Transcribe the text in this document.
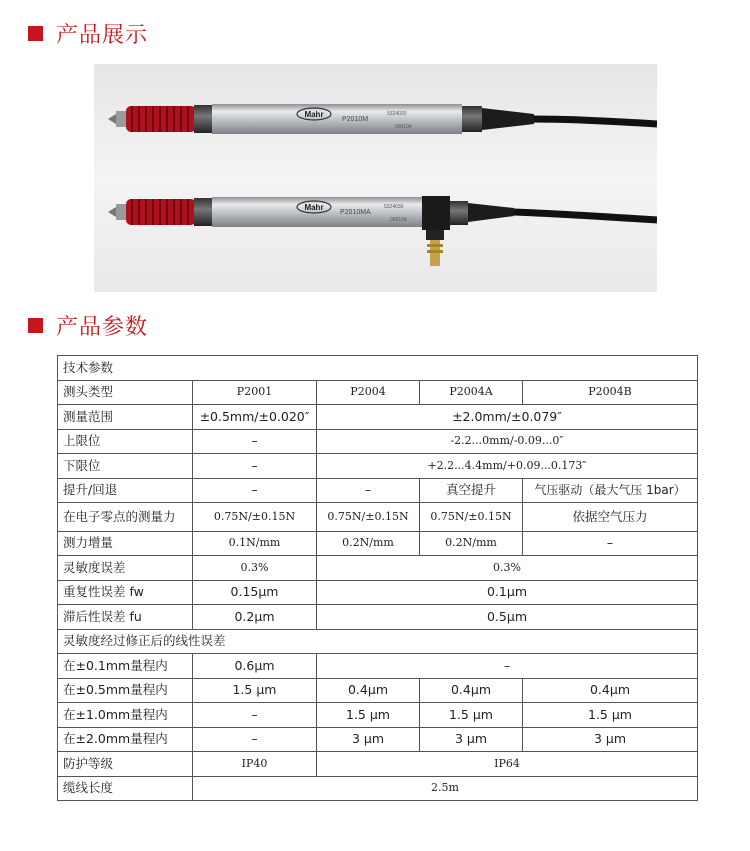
产品展示
Mahr
P2010M
5324020
000104
Mahr
P2010MA
5324030
000104
产品参数
技术参数				
测头类型	P2001	P2004	P2004A	P2004B
测量范围	±0.5mm/±0.020″	±2.0mm/±0.079″		
上限位	–	-2.2...0mm/-0.09...0″		
下限位	–	+2.2...4.4mm/+0.09...0.173″		
提升/回退	–	–	真空提升	气压驱动（最大气压 1bar）
在电子零点的测量力	0.75N/±0.15N	0.75N/±0.15N	0.75N/±0.15N	依据空气压力
测力增量	0.1N/mm	0.2N/mm	0.2N/mm	–
灵敏度误差	0.3%	0.3%		
重复性误差 fw	0.15μm	0.1μm		
滞后性误差 fu	0.2μm	0.5μm		
灵敏度经过修正后的线性误差				
在±0.1mm量程内	0.6μm	–		
在±0.5mm量程内	1.5 μm	0.4μm	0.4μm	0.4μm
在±1.0mm量程内	–	1.5 μm	1.5 μm	1.5 μm
在±2.0mm量程内	–	3 μm	3 μm	3 μm
防护等级	IP40	IP64		
缆线长度	2.5m			
